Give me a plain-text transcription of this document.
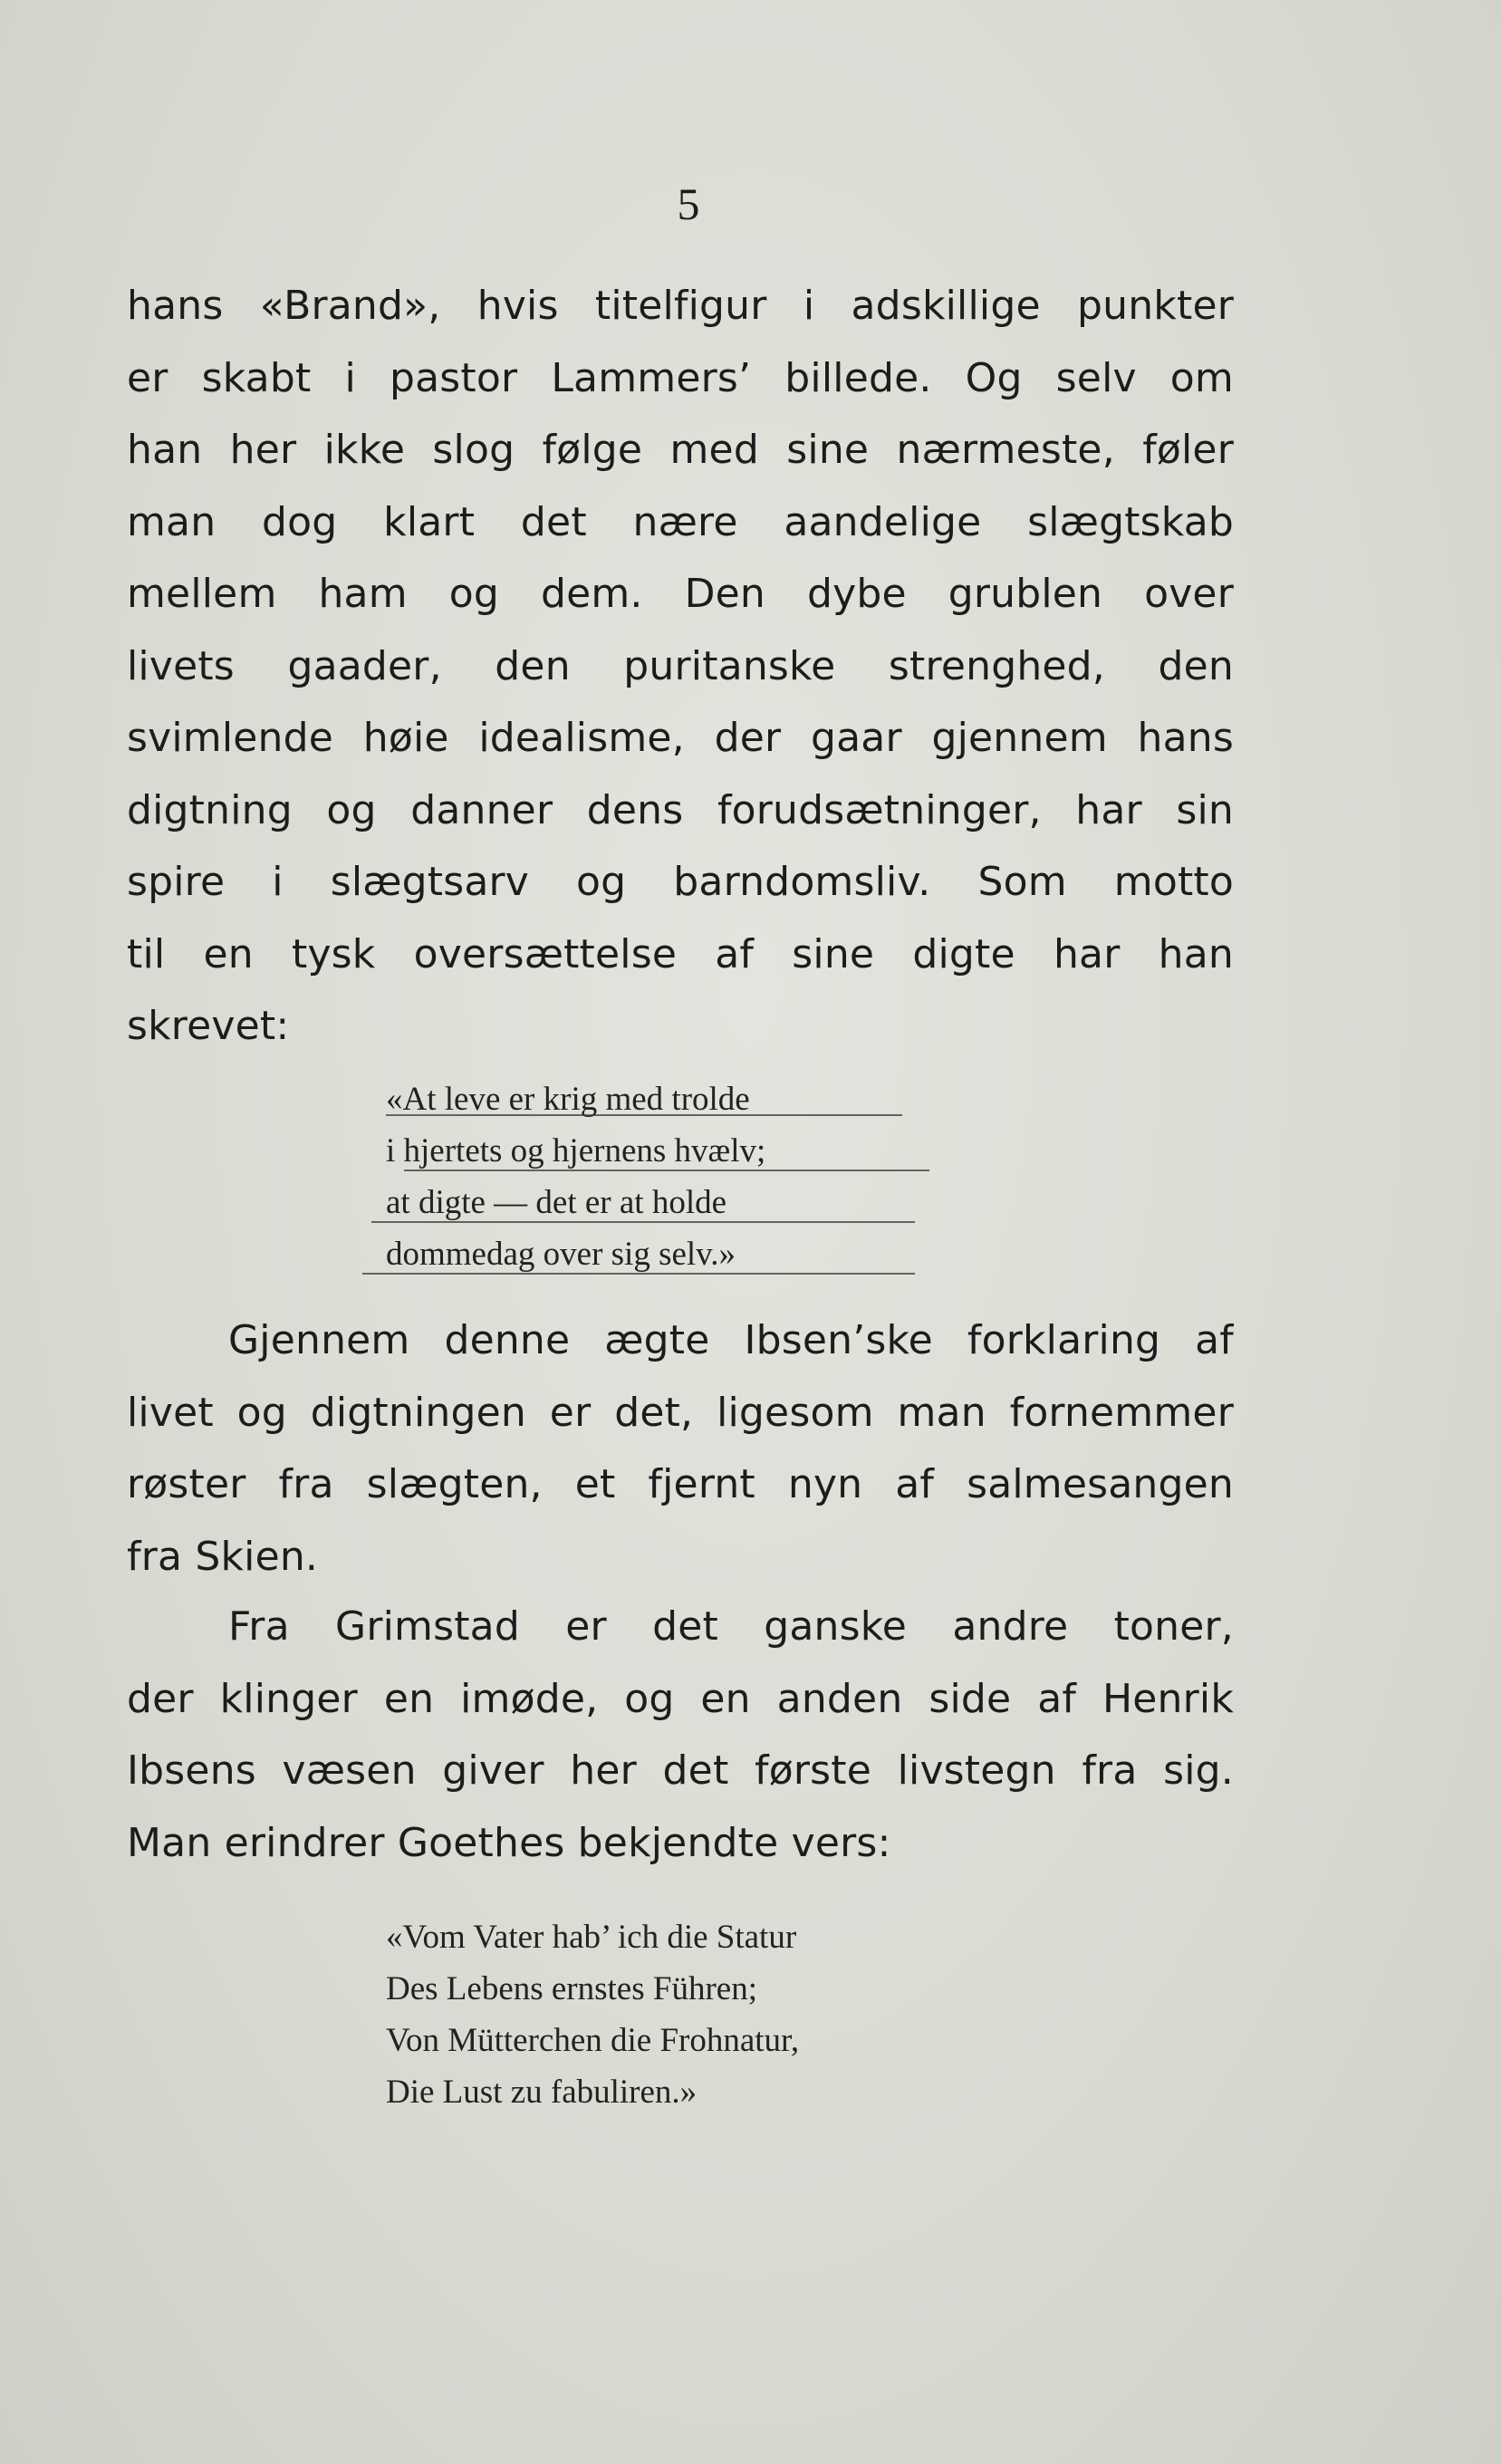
5
hans «Brand», hvis titelfigur i adskillige punkter
er skabt i pastor Lammers’ billede. Og selv om
han her ikke slog følge med sine nærmeste, føler
man dog klart det nære aandelige slægtskab
mellem ham og dem. Den dybe grublen over
livets gaader, den puritanske strenghed, den
svimlende høie idealisme, der gaar gjennem hans
digtning og danner dens forudsætninger, har sin
spire i slægtsarv og barndomsliv. Som motto
til en tysk oversættelse af sine digte har han
skrevet:
«At leve er krig med trolde
i hjertets og hjernens hvælv;
at digte — det er at holde
dommedag over sig selv.»
Gjennem denne ægte Ibsen’ske forklaring af
livet og digtningen er det, ligesom man fornemmer
røster fra slægten, et fjernt nyn af salmesangen
fra Skien.
Fra Grimstad er det ganske andre toner,
der klinger en imøde, og en anden side af Henrik
Ibsens væsen giver her det første livstegn fra sig.
Man erindrer Goethes bekjendte vers:
«Vom Vater hab’ ich die Statur
Des Lebens ernstes Führen;
Von Mütterchen die Frohnatur,
Die Lust zu fabuliren.»
